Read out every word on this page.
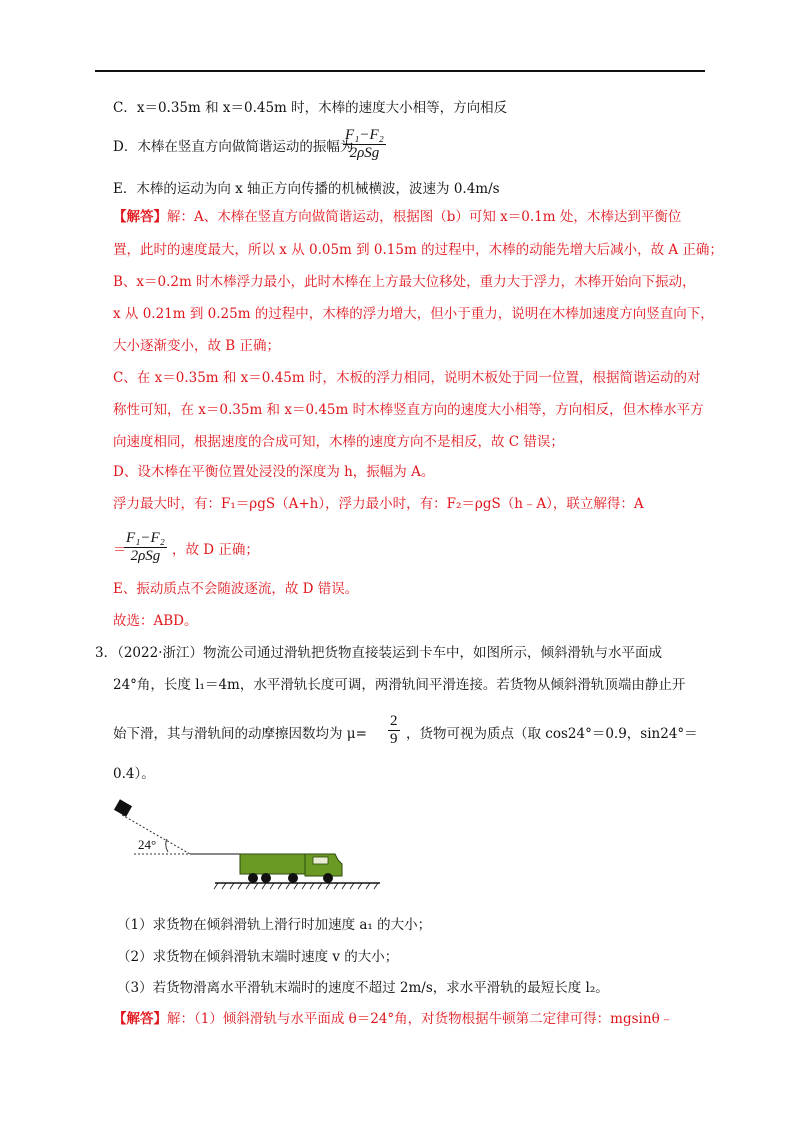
C．x＝0.35m 和 x＝0.45m 时，木棒的速度大小相等，方向相反
D．木棒在竖直方向做简谐运动的振幅为
F₁−F₂
2ρSg
E．木棒的运动为向 x 轴正方向传播的机械横波，波速为 0.4m/s
【解答】解：A、木棒在竖直方向做简谐运动，根据图（b）可知 x＝0.1m 处，木棒达到平衡位
置，此时的速度最大，所以 x 从 0.05m 到 0.15m 的过程中，木棒的动能先增大后减小，故 A 正确；
B、x＝0.2m 时木棒浮力最小，此时木棒在上方最大位移处，重力大于浮力，木棒开始向下振动，
x 从 0.21m 到 0.25m 的过程中，木棒的浮力增大，但小于重力，说明在木棒加速度方向竖直向下，
大小逐渐变小，故 B 正确；
C、在 x＝0.35m 和 x＝0.45m 时，木板的浮力相同，说明木板处于同一位置，根据简谐运动的对
称性可知，在 x＝0.35m 和 x＝0.45m 时木棒竖直方向的速度大小相等，方向相反，但木棒水平方
向速度相同，根据速度的合成可知，木棒的速度方向不是相反，故 C 错误；
D、设木棒在平衡位置处浸没的深度为 h，振幅为 A。
浮力最大时，有：F₁＝ρgS（A+h），浮力最小时，有：F₂＝ρgS（h﹣A），联立解得：A
＝
F₁−F₂
2ρSg ，故 D 正确；
E、振动质点不会随波逐流，故 D 错误。
故选：ABD。
3．（2022·浙江）物流公司通过滑轨把货物直接装运到卡车中，如图所示，倾斜滑轨与水平面成
24°角，长度 l₁＝4m，水平滑轨长度可调，两滑轨间平滑连接。若货物从倾斜滑轨顶端由静止开
始下滑，其与滑轨间的动摩擦因数均为 $\mu= \frac{2}{9}$ ，货物可视为质点（取 cos24°＝0.9，sin24°＝
0.4）。
24°
（1）求货物在倾斜滑轨上滑行时加速度 a₁ 的大小；
（2）求货物在倾斜滑轨末端时速度 v 的大小；
（3）若货物滑离水平滑轨末端时的速度不超过 2m/s，求水平滑轨的最短长度 l₂。
【解答】解：（1）倾斜滑轨与水平面成 θ＝24°角，对货物根据牛顿第二定律可得：mgsinθ﹣
